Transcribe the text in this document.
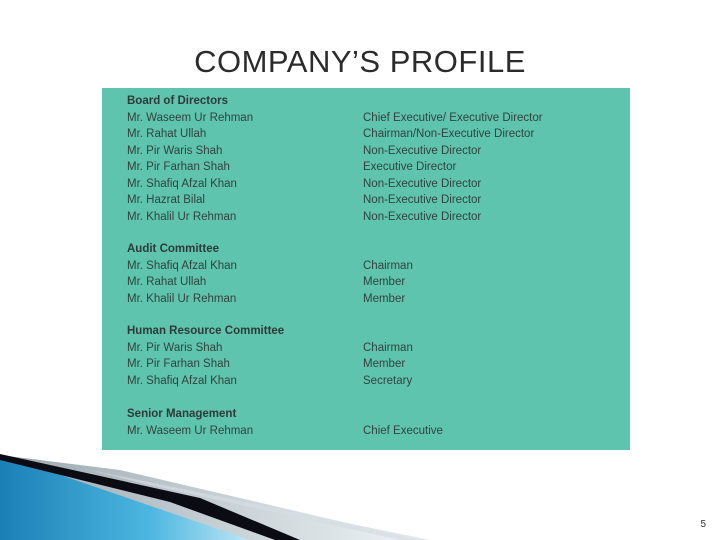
COMPANY’S PROFILE
Board of Directors
Mr. Waseem Ur Rehman	Chief Executive/ Executive Director
Mr. Rahat Ullah	Chairman/Non-Executive Director
Mr. Pir Waris Shah	Non-Executive Director
Mr. Pir Farhan Shah	Executive Director
Mr. Shafiq Afzal Khan	Non-Executive Director
Mr. Hazrat Bilal	Non-Executive Director
Mr. Khalil Ur Rehman	Non-Executive Director
Audit Committee
Mr. Shafiq Afzal Khan	Chairman
Mr. Rahat Ullah	Member
Mr. Khalil Ur Rehman	Member
Human Resource Committee
Mr. Pir Waris Shah	Chairman
Mr. Pir Farhan Shah	Member
Mr. Shafiq Afzal Khan	Secretary
Senior Management
Mr. Waseem Ur Rehman	Chief Executive
5
